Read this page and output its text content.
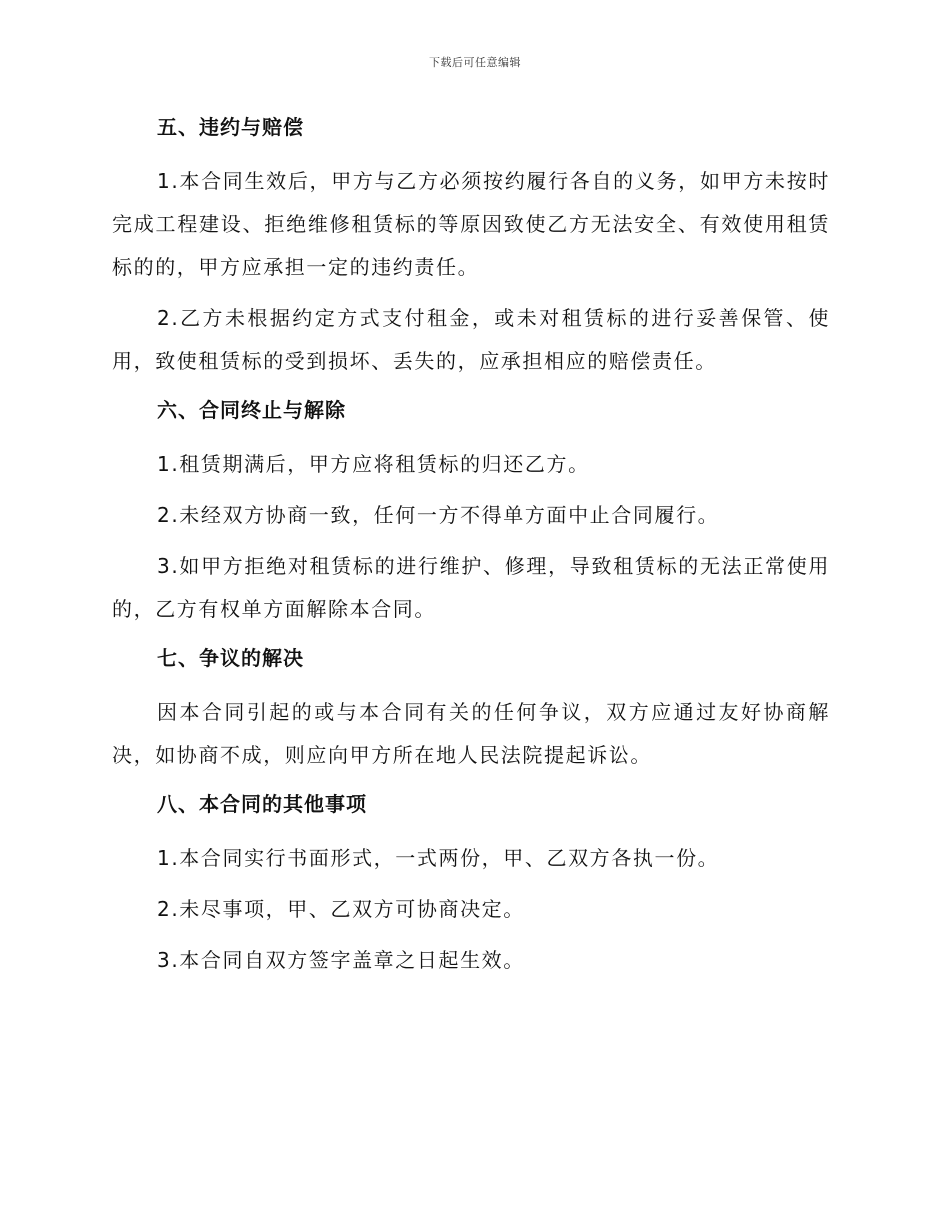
下载后可任意编辑
五、违约与赔偿
1.本合同生效后，甲方与乙方必须按约履行各自的义务，如甲方未按时完成工程建设、拒绝维修租赁标的等原因致使乙方无法安全、有效使用租赁标的的，甲方应承担一定的违约责任。
2.乙方未根据约定方式支付租金，或未对租赁标的进行妥善保管、使用，致使租赁标的受到损坏、丢失的，应承担相应的赔偿责任。
六、合同终止与解除
1.租赁期满后，甲方应将租赁标的归还乙方。
2.未经双方协商一致，任何一方不得单方面中止合同履行。
3.如甲方拒绝对租赁标的进行维护、修理，导致租赁标的无法正常使用的，乙方有权单方面解除本合同。
七、争议的解决
因本合同引起的或与本合同有关的任何争议，双方应通过友好协商解决，如协商不成，则应向甲方所在地人民法院提起诉讼。
八、本合同的其他事项
1.本合同实行书面形式，一式两份，甲、乙双方各执一份。
2.未尽事项，甲、乙双方可协商决定。
3.本合同自双方签字盖章之日起生效。
